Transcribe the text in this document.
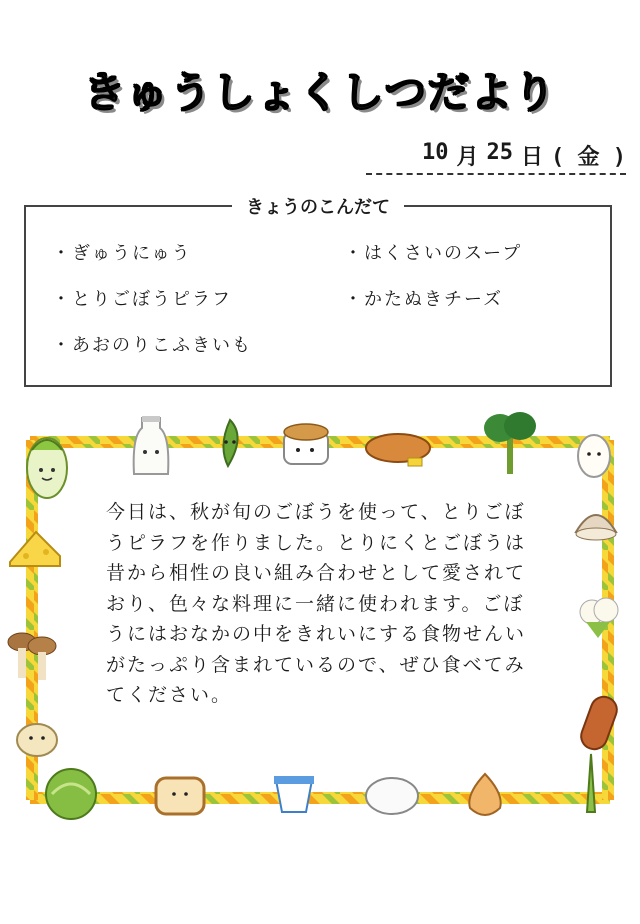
きゅうしょくしつだより
10 月 25 日 ( 金 )
きょうのこんだて
・ぎゅうにゅう	・はくさいのスープ
・とりごぼうピラフ	・かたぬきチーズ
・あおのりこふきいも
今日は、秋が旬のごぼうを使って、とりごぼうピラフを作りました。とりにくとごぼうは昔から相性の良い組み合わせとして愛されており、色々な料理に一緒に使われます。ごぼうにはおなかの中をきれいにする食物せんいがたっぷり含まれているので、ぜひ食べてみてください。
